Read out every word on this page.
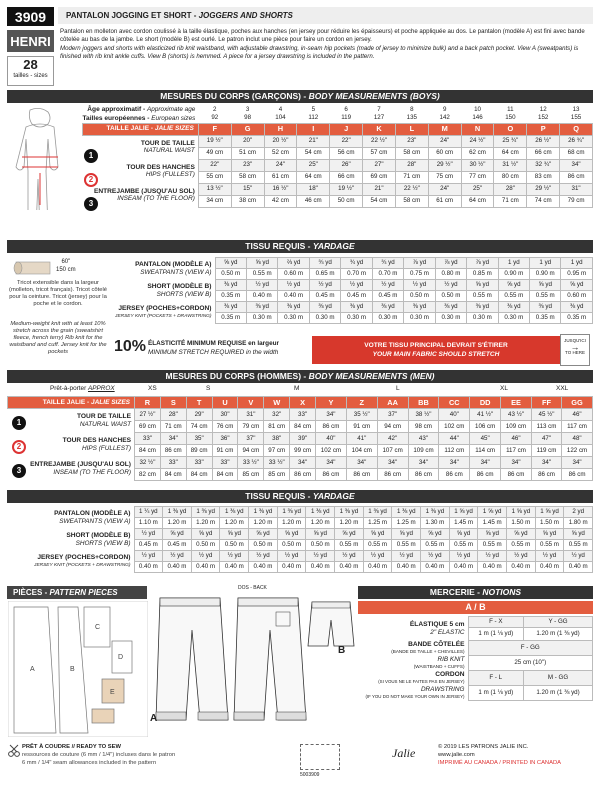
3909
HENRI
28
tailles - sizes
PANTALON JOGGING ET SHORT - JOGGERS AND SHORTS
Pantalon en molleton avec cordon coulissé à la taille élastique, poches aux hanches (en jersey pour réduire les épaisseurs) et poche appliquée au dos. Le pantalon (modèle A) est fini avec bande côtelée au bas de la jambe. Le short (modèle B) est ourlé. Le patron inclut une pièce pour faire un cordon en jersey.
Modern joggers and shorts with elasticized rib knit waistband, with adjustable drawstring, in-seam hip pockets (made of jersey to minimize bulk) and a back patch pocket. View A (sweatpants) is finished with rib knit ankle cuffs. View B (shorts) is hemmed. A piece for a jersey drawstring is included in the pattern.
MESURES DU CORPS (GARÇONS) - BODY MEASUREMENTS (BOYS)
Âge approximatif - Approximate age	2	3	4	5	6	7	8	9	10	11	12	13
Tailles européennes - European sizes	92	98	104	112	119	127	135	142	146	150	152	155
TAILLE JALIE - JALIE SIZES	F	G	H	I	J	K	L	M	N	O	P	Q
TOUR DE TAILLE
NATURAL WAIST	19 ½"	20"	20 ½"	21"	22"	22 ½"	23"	24"	24 ½"	25 ¾"	26 ½"	26 ¾"
	49 cm	51 cm	52 cm	54 cm	56 cm	57 cm	58 cm	60 cm	62 cm	64 cm	66 cm	68 cm
TOUR DES HANCHES
HIPS (FULLEST)	22"	23"	24"	25"	26"	27"	28"	29 ½"	30 ½"	31 ½"	32 ¾"	34"
	55 cm	58 cm	61 cm	64 cm	66 cm	69 cm	71 cm	75 cm	77 cm	80 cm	83 cm	86 cm
ENTREJAMBE (JUSQU'AU SOL)
INSEAM (TO THE FLOOR)	13 ½"	15"	16 ½"	18"	19 ½"	21"	22 ½"	24"	25"	28"	29 ½"	31"
	34 cm	38 cm	42 cm	46 cm	50 cm	54 cm	58 cm	61 cm	64 cm	71 cm	74 cm	79 cm
1
2
3
TISSU REQUIS - YARDAGE
60"
150 cm
Tricot extensible dans la largeur (molleton, tricot français). Tricot côtelé pour la ceinture. Tricot (jersey) pour la poche et le cordon.
Medium-weight knit with at least 10% stretch across the grain (sweatshirt fleece, french terry) Rib knit for the waistband and cuff. Jersey knit for the pockets
PANTALON (MODÈLE A)
SWEATPANTS (VIEW A)	⅝ yd	⅝ yd	⅔ yd	¾ yd	¾ yd	¾ yd	⅞ yd	⅞ yd	⅞ yd	1 yd	1 yd	1 yd
	0.50 m	0.55 m	0.60 m	0.65 m	0.70 m	0.70 m	0.75 m	0.80 m	0.85 m	0.90 m	0.90 m	0.95 m
SHORT (MODÈLE B)
SHORTS (VIEW B)	⅜ yd	½ yd	½ yd	½ yd	½ yd	½ yd	½ yd	½ yd	⅝ yd	⅝ yd	⅝ yd	⅝ yd
	0.35 m	0.40 m	0.40 m	0.45 m	0.45 m	0.45 m	0.50 m	0.50 m	0.55 m	0.55 m	0.55 m	0.60 m
JERSEY (POCHES+CORDON)
JERSEY KNIT (POCKETS + DRAWSTRING)	⅜ yd	⅜ yd	⅜ yd	⅜ yd	⅜ yd	⅜ yd	⅜ yd	⅜ yd	⅜ yd	⅜ yd	⅜ yd	⅜ yd
	0.35 m	0.30 m	0.30 m	0.30 m	0.30 m	0.30 m	0.30 m	0.30 m	0.30 m	0.30 m	0.35 m	0.35 m
10% ÉLASTICITÉ MINIMUM REQUISE en largeur
MINIMUM STRETCH REQUIRED in the width
VOTRE TISSU PRINCIPAL DEVRAIT S'ÉTIRER
YOUR MAIN FABRIC SHOULD STRETCH
JUSQU'ICI
→
TO HERE
MESURES DU CORPS (HOMMES) - BODY MEASUREMENTS (MEN)
Prêt-à-porter APPROX	XS	S	M	L	XL	XXL
TAILLE JALIE - JALIE SIZES	R	S	T	U	V	W	X	Y	Z	AA	BB	CC	DD	EE	FF	GG
TOUR DE TAILLE
NATURAL WAIST	27 ½"	28"	29"	30"	31"	32"	33"	34"	35 ½"	37"	38 ½"	40"	41 ½"	43 ½"	45 ½"	46"
	69 cm	71 cm	74 cm	76 cm	79 cm	81 cm	84 cm	86 cm	91 cm	94 cm	98 cm	102 cm	106 cm	109 cm	113 cm	117 cm
TOUR DES HANCHES
HIPS (FULLEST)	33"	34"	35"	36"	37"	38"	39"	40"	41"	42"	43"	44"	45"	46"	47"	48"
	84 cm	86 cm	89 cm	91 cm	94 cm	97 cm	99 cm	102 cm	104 cm	107 cm	109 cm	112 cm	114 cm	117 cm	119 cm	122 cm
ENTREJAMBE (JUSQU'AU SOL)
INSEAM (TO THE FLOOR)	32 ½"	33"	33"	33"	33 ½"	33 ½"	34"	34"	34"	34"	34"	34"	34"	34"	34"	34"
	82 cm	84 cm	84 cm	84 cm	85 cm	85 cm	86 cm	86 cm	86 cm	86 cm	86 cm	86 cm	86 cm	86 cm	86 cm	86 cm
1
2
3
TISSU REQUIS - YARDAGE
PANTALON (MODÈLE A)
SWEATPANTS (VIEW A)	1 ¼ yd	1 ⅜ yd	1 ⅜ yd	1 ⅜ yd	1 ⅜ yd	1 ⅜ yd	1 ⅜ yd	1 ⅜ yd	1 ⅜ yd	1 ⅜ yd	1 ⅜ yd	1 ⅝ yd	1 ⅝ yd	1 ⅝ yd	1 ⅝ yd	2 yd
	1.10 m	1.20 m	1.20 m	1.20 m	1.20 m	1.20 m	1.20 m	1.20 m	1.25 m	1.25 m	1.30 m	1.45 m	1.45 m	1.50 m	1.50 m	1.80 m
SHORT (MODÈLE B)
SHORTS (VIEW B)	½ yd	⅝ yd	⅝ yd	⅝ yd	⅝ yd	⅝ yd	⅝ yd	⅝ yd	⅝ yd	⅝ yd	⅝ yd	⅝ yd	⅝ yd	⅝ yd	⅝ yd	⅝ yd
	0.45 m	0.45 m	0.50 m	0.50 m	0.50 m	0.50 m	0.50 m	0.55 m	0.55 m	0.55 m	0.55 m	0.55 m	0.55 m	0.55 m	0.55 m	0.55 m
JERSEY (POCHES+CORDON)
JERSEY KNIT (POCKETS + DRAWSTRING)	½ yd	½ yd	½ yd	½ yd	½ yd	½ yd	½ yd	½ yd	½ yd	½ yd	½ yd	½ yd	½ yd	½ yd	½ yd	½ yd
	0.40 m	0.40 m	0.40 m	0.40 m	0.40 m	0.40 m	0.40 m	0.40 m	0.40 m	0.40 m	0.40 m	0.40 m	0.40 m	0.40 m	0.40 m	0.40 m
PIÈCES - PATTERN PIECES
A	B
C
D
E
DOS - BACK
A
B
MERCERIE - NOTIONS
A / B
ÉLASTIQUE 5 cm
2" ELASTIC	F - X	Y - GG
	1 m (1 ⅛ yd)	1.20 m (1 ⅜ yd)
BANDE CÔTELÉE
(BANDE DE TAILLE + CHEVILLES)
RIB KNIT
(WAISTBAND + CUFFS)	F - GG	
	25 cm (10")	
CORDON
(SI VOUS NE LE FAITES PAS EN JERSEY)
DRAWSTRING
(IF YOU DO NOT MAKE YOUR OWN IN JERSEY)	F - L	M - GG
	1 m (1 ⅛ yd)	1.20 m (1 ⅜ yd)
PRÊT À COUDRE // READY TO SEW
ressources de couture (6 mm / 1/4") incluses dans le patron
6 mm / 1/4" seam allowances included in the pattern
5003909
Jalie	© 2019 LES PATRONS JALIE INC.
www.jalie.com
IMPRIMÉ AU CANADA / PRINTED IN CANADA
